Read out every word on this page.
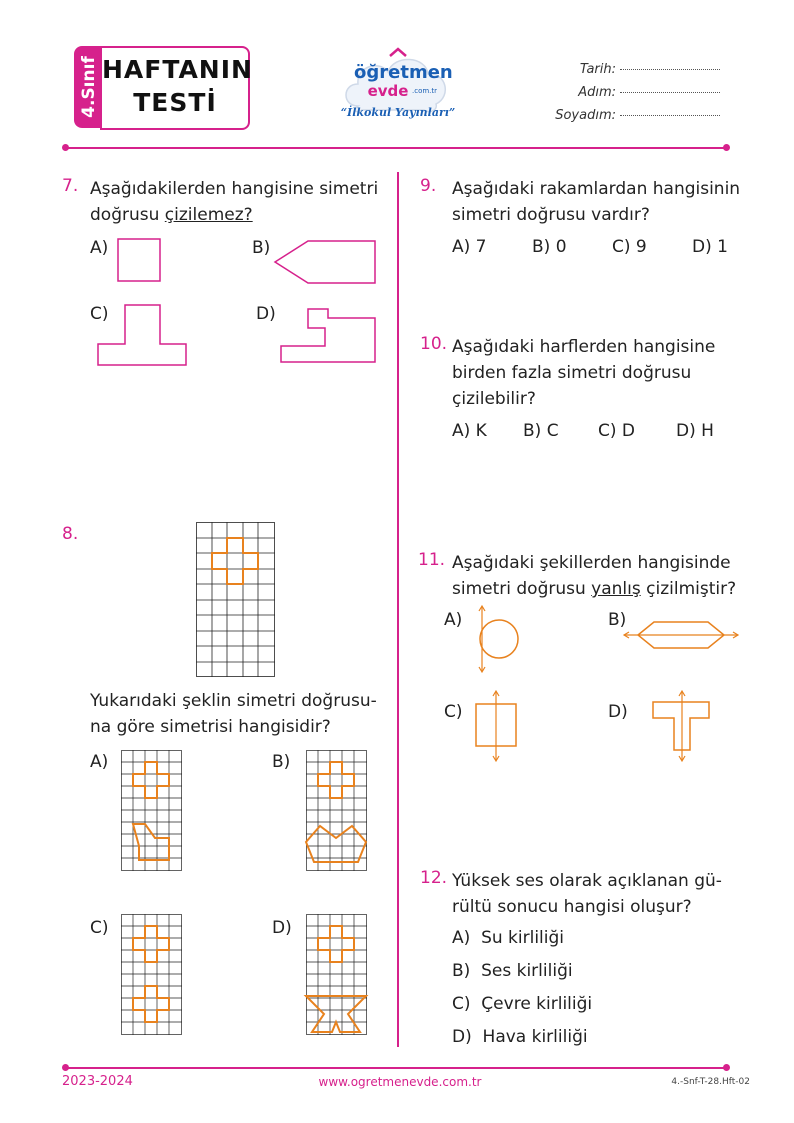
4.Sınıf HAFTANIN
TESTİ
öğretmen
evde .com.tr
“İlkokul Yayınları”
Tarih:
Adım:
Soyadım:
7. Aşağıdakilerden hangisine simetri
doğrusu çizilemez?
A)	B)
C)	D)
8.
Yukarıdaki şeklin simetri doğrusu-
na göre simetrisi hangisidir?
A)	B)
C)	D)
9. Aşağıdaki rakamlardan hangisinin
simetri doğrusu vardır?
A) 7	B) 0	C) 9	D) 1
10. Aşağıdaki harflerden hangisine
birden fazla simetri doğrusu
çizilebilir?
A) K B) C C) D D) H
11. Aşağıdaki şekillerden hangisinde
simetri doğrusu yanlış çizilmiştir?
A)	B)
C)	D)
12. Yüksek ses olarak açıklanan gü-
rültü sonucu hangisi oluşur?
A)  Su kirliliği
B)  Ses kirliliği
C)  Çevre kirliliği
D)  Hava kirliliği
2023-2024	www.ogretmenevde.com.tr	4.-Snf-T-28.Hft-02
